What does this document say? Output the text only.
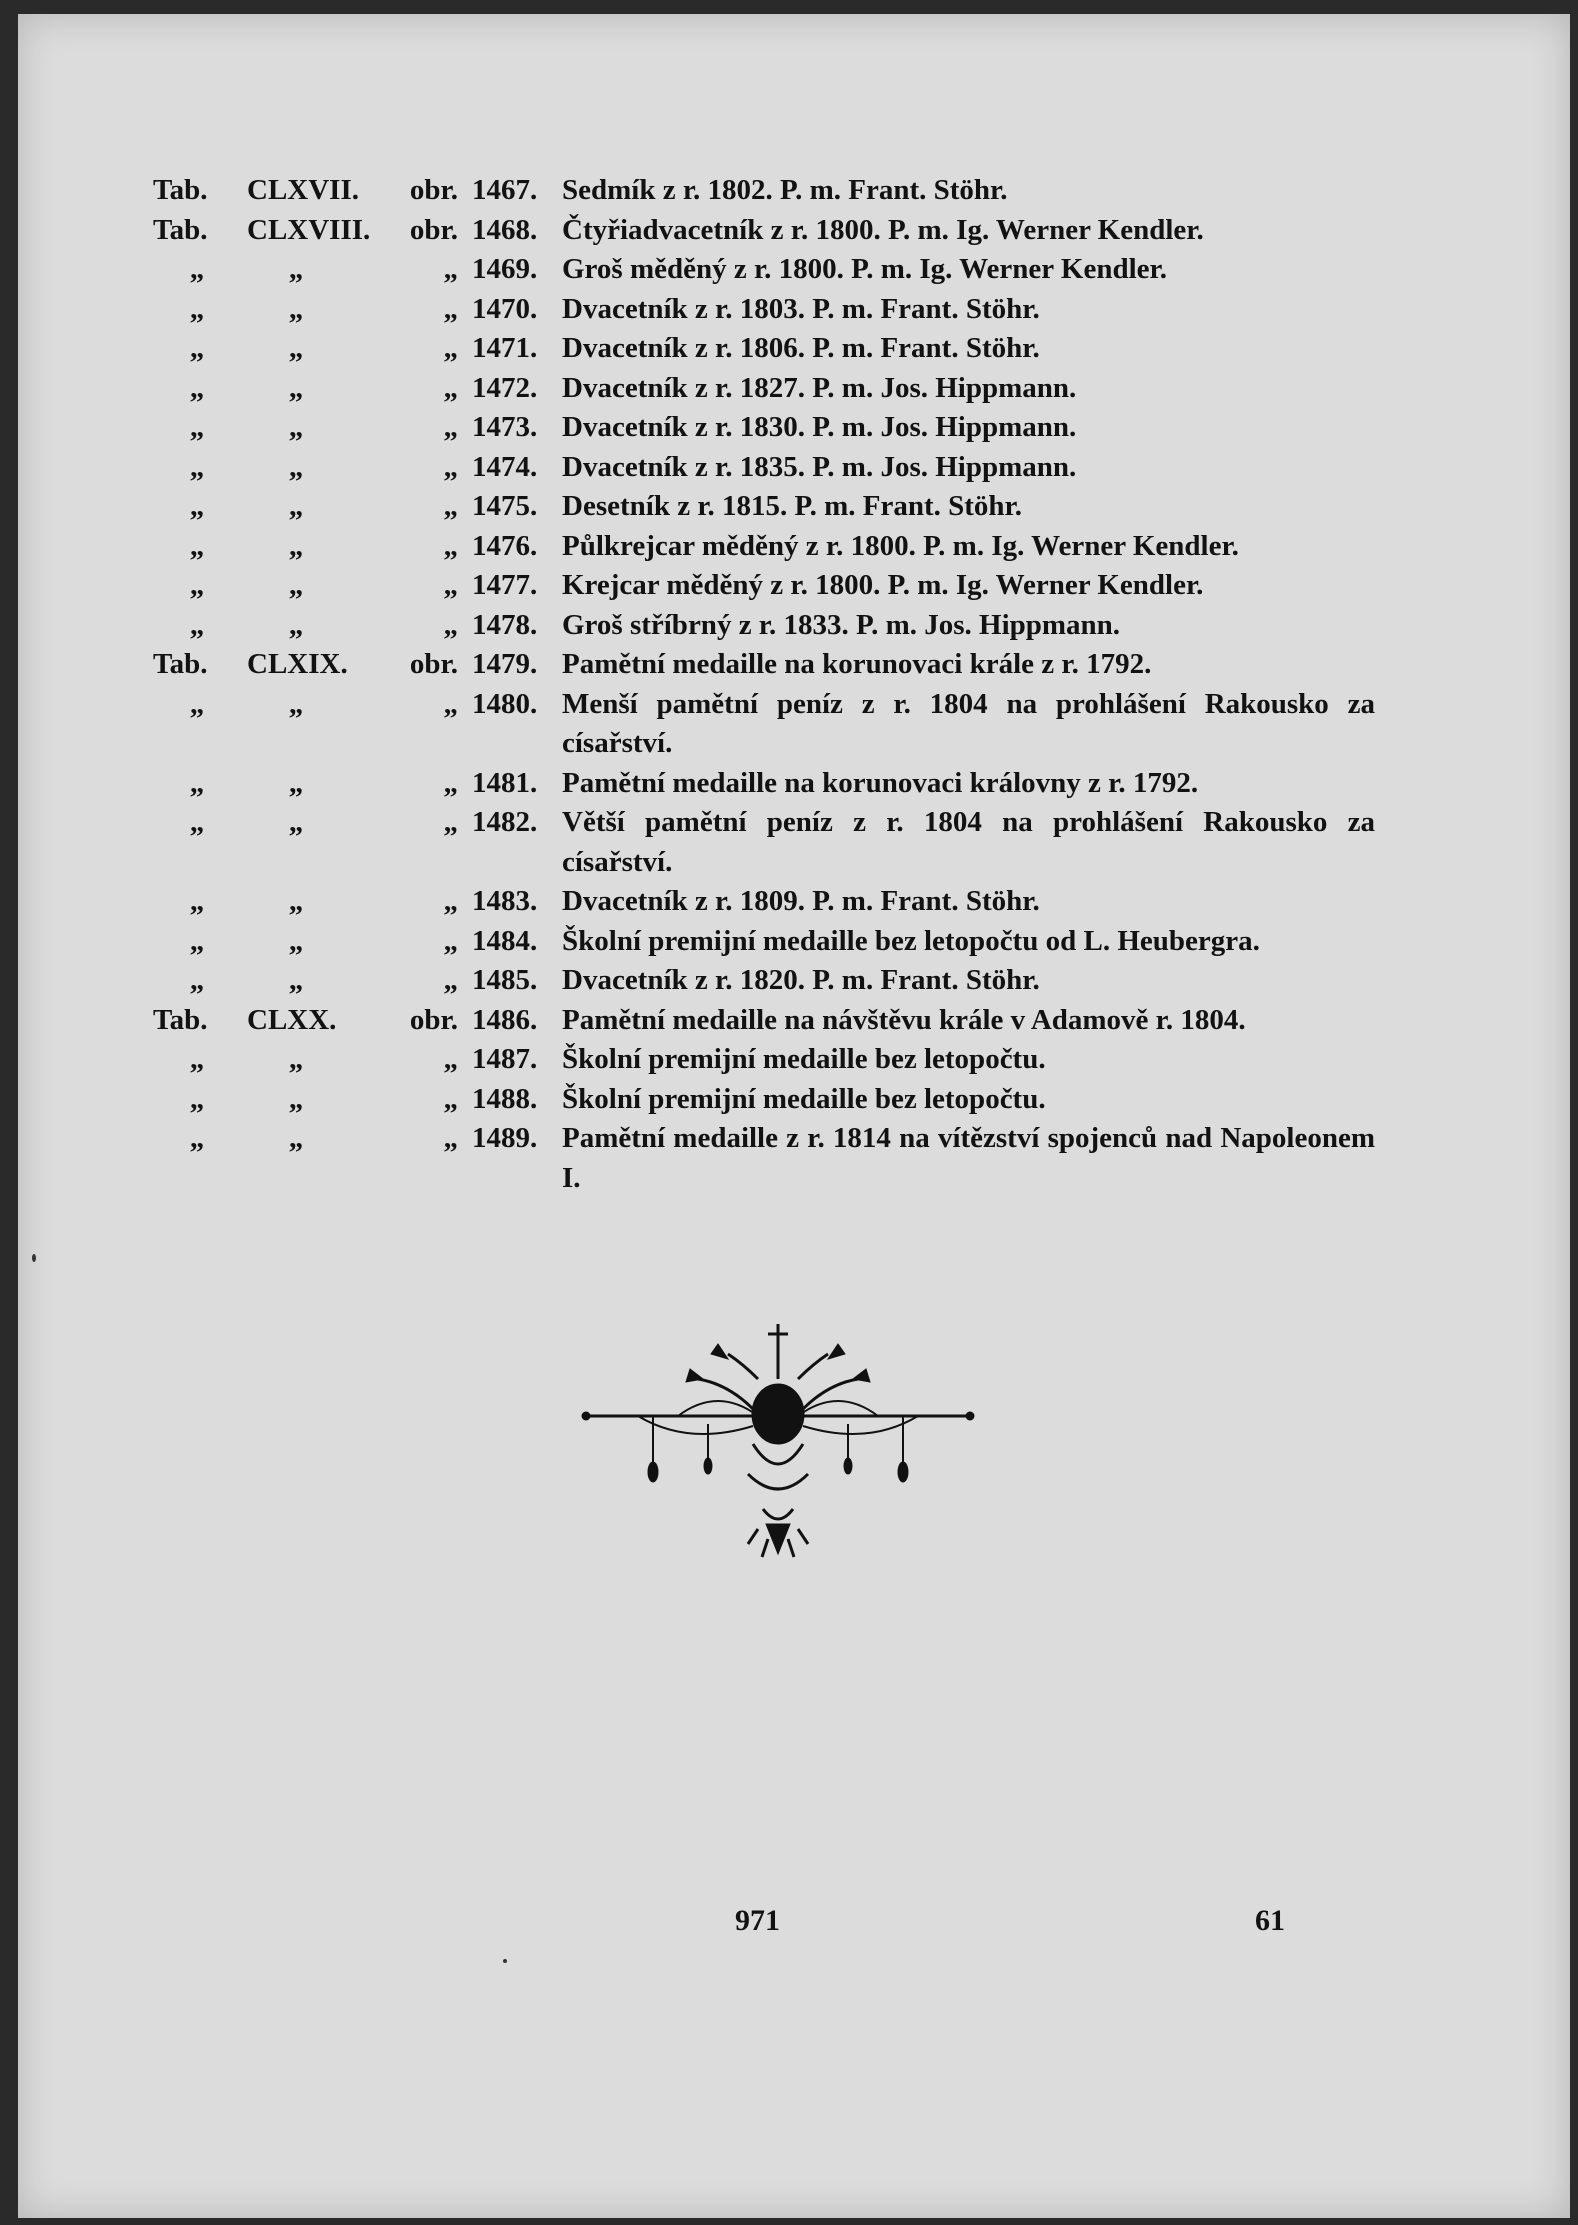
Tab.	CLXVII.	obr. 1467. Sedmík z r. 1802. P. m. Frant. Stöhr.
Tab.	CLXVIII.	obr. 1468. Čtyřiadvacetník z r. 1800. P. m. Ig. Werner Kendler.
„	„	„ 1469. Groš měděný z r. 1800. P. m. Ig. Werner Kendler.
„	„	„ 1470. Dvacetník z r. 1803. P. m. Frant. Stöhr.
„	„	„ 1471. Dvacetník z r. 1806. P. m. Frant. Stöhr.
„	„	„ 1472. Dvacetník z r. 1827. P. m. Jos. Hippmann.
„	„	„ 1473. Dvacetník z r. 1830. P. m. Jos. Hippmann.
„	„	„ 1474. Dvacetník z r. 1835. P. m. Jos. Hippmann.
„	„	„ 1475. Desetník z r. 1815. P. m. Frant. Stöhr.
„	„	„ 1476. Půlkrejcar měděný z r. 1800. P. m. Ig. Werner Kendler.
„	„	„ 1477. Krejcar měděný z r. 1800. P. m. Ig. Werner Kendler.
„	„	„ 1478. Groš stříbrný z r. 1833. P. m. Jos. Hippmann.
Tab.	CLXIX.	obr. 1479. Pamětní medaille na korunovaci krále z r. 1792.
„	„	„ 1480. Menší pamětní peníz z r. 1804 na prohlášení Rakousko za císařství.
„	„	„ 1481. Pamětní medaille na korunovaci královny z r. 1792.
„	„	„ 1482. Větší pamětní peníz z r. 1804 na prohlášení Rakousko za císařství.
„	„	„ 1483. Dvacetník z r. 1809. P. m. Frant. Stöhr.
„	„	„ 1484. Školní premijní medaille bez letopočtu od L. Heubergra.
„	„	„ 1485. Dvacetník z r. 1820. P. m. Frant. Stöhr.
Tab.	CLXX.	obr. 1486. Pamětní medaille na návštěvu krále v Adamově r. 1804.
„	„	„ 1487. Školní premijní medaille bez letopočtu.
„	„	„ 1488. Školní premijní medaille bez letopočtu.
„	„	„ 1489. Pamětní medaille z r. 1814 na vítězství spojenců nad Napoleonem I.
971	61
